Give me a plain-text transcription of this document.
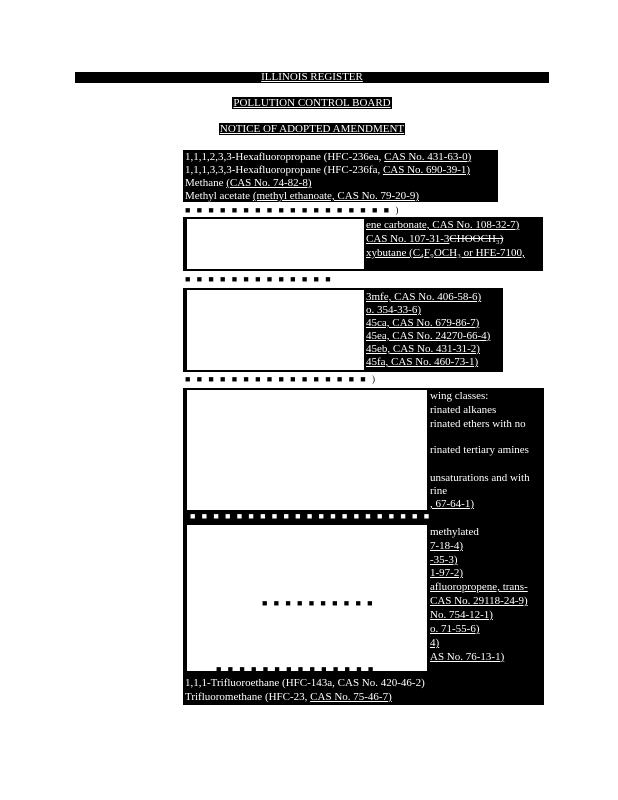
ILLINOIS REGISTER
POLLUTION CONTROL BOARD
NOTICE OF ADOPTED AMENDMENT
1,1,1,2,3,3-Hexafluoropropane (HFC-236ea, CAS No. 431-63-0)
1,1,1,3,3,3-Hexafluoropropane (HFC-236fa, CAS No. 690-39-1)
Methane (CAS No. 74-82-8)
Methyl acetate (methyl ethanoate, CAS No. 79-20-9)
■ ■ ■ ■ ■ ■ ■ ■ ■ ■ ■ ■ ■ ■ ■ ■ ■ ■ )
ene carbonate, CAS No. 108-32-7)
CAS No. 107-31-3CHOOCH₃)
xybutane (C₄F₉OCH₃ or HFE-7100,
■ ■ ■ ■ ■ ■ ■ ■ ■ ■ ■ ■ ■
3mfe, CAS No. 406-58-6)
o. 354-33-6)
45ca, CAS No. 679-86-7)
45ea, CAS No. 24270-66-4)
45eb, CAS No. 431-31-2)
45fa, CAS No. 460-73-1)
■ ■ ■ ■ ■ ■ ■ ■ ■ ■ ■ ■ ■ ■ ■ ■ )
■ ■ ■ ■ ■ ■ ■ ■ ■ ■ ■ ■ ■ ■ ■ ■ ■ ■ ■ ■ ■
■ ■ ■ ■ ■ ■ ■ ■ ■ ■
■ ■ ■ ■ ■ ■ ■ ■ ■ ■ ■ ■ ■ ■
wing classes:
rinated alkanes
rinated ethers with no
rinated tertiary amines
unsaturations and with
rine
, 67-64-1)
methylated
7-18-4)
-35-3)
1-97-2)
afluoropropene, trans-
CAS No. 29118-24-9)
No. 754-12-1)
o. 71-55-6)
4)
AS No. 76-13-1)
1,1,1-Trifluoroethane (HFC-143a, CAS No. 420-46-2)
Trifluoromethane (HFC-23, CAS No. 75-46-7)
